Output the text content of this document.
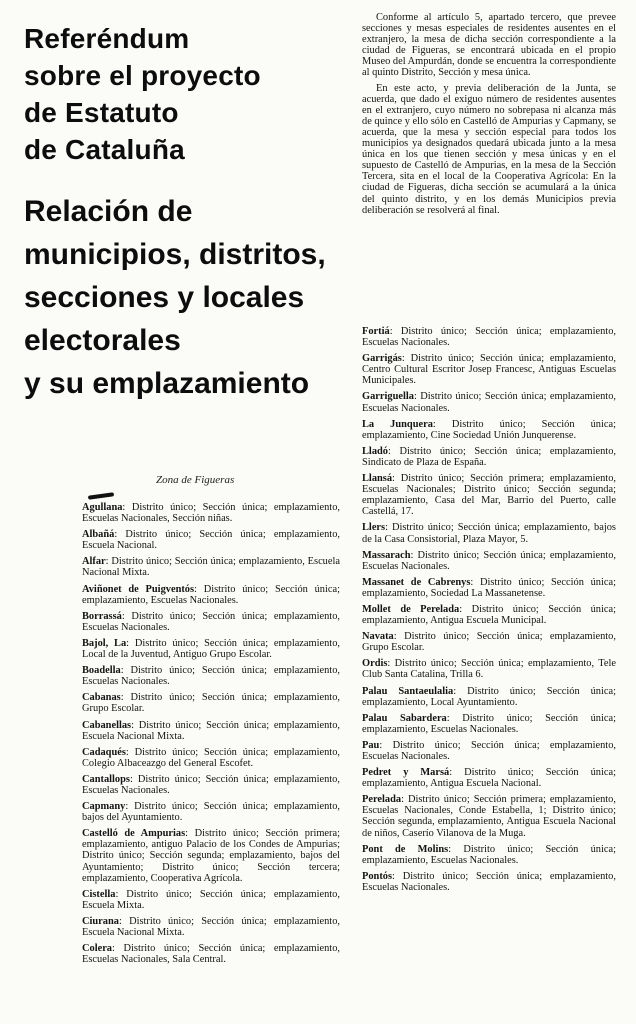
Referéndum
sobre el proyecto
de Estatuto
de Cataluña
Relación de
municipios, distritos,
secciones y locales
electorales
y su emplazamiento
Zona de Figueras

Agullana: Distrito único; Sección única; emplazamiento, Escuelas Nacionales, Sección niñas.

Albañá: Distrito único; Sección única; emplazamiento, Escuela Nacional.

Alfar: Distrito único; Sección única; emplazamiento, Escuela Nacional Mixta.

Aviñonet de Puigventós: Distrito único; Sección única; emplazamiento, Escuelas Nacionales.

Borrassá: Distrito único; Sección única; emplazamiento, Escuelas Nacionales.

Bajol, La: Distrito único; Sección única; emplazamiento, Local de la Juventud, Antiguo Grupo Escolar.

Boadella: Distrito único; Sección única; emplazamiento, Escuelas Nacionales.

Cabanas: Distrito único; Sección única; emplazamiento, Grupo Escolar.

Cabanellas: Distrito único; Sección única; emplazamiento, Escuela Nacional Mixta.

Cadaqués: Distrito único; Sección única; emplazamiento, Colegio Albaceazgo del General Escofet.

Cantallops: Distrito único; Sección única; emplazamiento, Escuelas Nacionales.

Capmany: Distrito único; Sección única; emplazamiento, bajos del Ayuntamiento.

Castelló de Ampurias: Distrito único; Sección primera; emplazamiento, antiguo Palacio de los Condes de Ampurias; Distrito único; Sección segunda; emplazamiento, bajos del Ayuntamiento; Distrito único; Sección tercera; emplazamiento, Cooperativa Agrícola.

Cistella: Distrito único; Sección única; emplazamiento, Escuela Mixta.

Ciurana: Distrito único; Sección única; emplazamiento, Escuela Nacional Mixta.

Colera: Distrito único; Sección única; emplazamiento, Escuelas Nacionales, Sala Central.

Conforme al artículo 5, apartado tercero, que prevee secciones y mesas especiales de residentes ausentes en el extranjero, la mesa de dicha sección correspondiente a la ciudad de Figueras, se encontrará ubicada en el propio Museo del Ampurdán, donde se encuentra la correspondiente al quinto Distrito, Sección y mesa única.

En este acto, y previa deliberación de la Junta, se acuerda, que dado el exiguo número de residentes ausentes en el extranjero, cuyo número no sobrepasa ni alcanza más de quince y ello sólo en Castelló de Ampurias y Capmany, se acuerda, que la mesa y sección especial para todos los municipios ya designados quedará ubicada junto a la mesa única en los que tienen sección y mesa únicas y en el supuesto de Castelló de Ampurias, en la mesa de la Sección Tercera, sita en el local de la Cooperativa Agrícola: En la ciudad de Figueras, dicha sección se acumulará a la única del quinto distrito, y en los demás Municipios previa deliberación se resolverá al final.

Fortiá: Distrito único; Sección única; emplazamiento, Escuelas Nacionales.

Garrigás: Distrito único; Sección única; emplazamiento, Centro Cultural Escritor Josep Francesc, Antiguas Escuelas Municipales.

Garriguella: Distrito único; Sección única; emplazamiento, Escuelas Nacionales.

La Junquera: Distrito único; Sección única; emplazamiento, Cine Sociedad Unión Junquerense.

Lladó: Distrito único; Sección única; emplazamiento, Sindicato de Plaza de España.

Llansá: Distrito único; Sección primera; emplazamiento, Escuelas Nacionales; Distrito único; Sección segunda; emplazamiento, Casa del Mar, Barrio del Puerto, calle Castellá, 17.

Llers: Distrito único; Sección única; emplazamiento, bajos de la Casa Consistorial, Plaza Mayor, 5.

Massarach: Distrito único; Sección única; emplazamiento, Escuelas Nacionales.

Massanet de Cabrenys: Distrito único; Sección única; emplazamiento, Sociedad La Massanetense.

Mollet de Perelada: Distrito único; Sección única; emplazamiento, Antigua Escuela Municipal.

Navata: Distrito único; Sección única; emplazamiento, Grupo Escolar.

Ordis: Distrito único; Sección única; emplazamiento, Tele Club Santa Catalina, Trilla 6.

Palau Santaeulalia: Distrito único; Sección única; emplazamiento, Local Ayuntamiento.

Palau Sabardera: Distrito único; Sección única; emplazamiento, Escuelas Nacionales.

Pau: Distrito único; Sección única; emplazamiento, Escuelas Nacionales.

Pedret y Marsá: Distrito único; Sección única; emplazamiento, Antigua Escuela Nacional.

Perelada: Distrito único; Sección primera; emplazamiento, Escuelas Nacionales, Conde Estabella, 1; Distrito único; Sección segunda, emplazamiento, Antigua Escuela Nacional de niños, Caserío Vilanova de la Muga.

Pont de Molins: Distrito único; Sección única; emplazamiento, Escuelas Nacionales.

Pontós: Distrito único; Sección única; emplazamiento, Escuelas Nacionales.
